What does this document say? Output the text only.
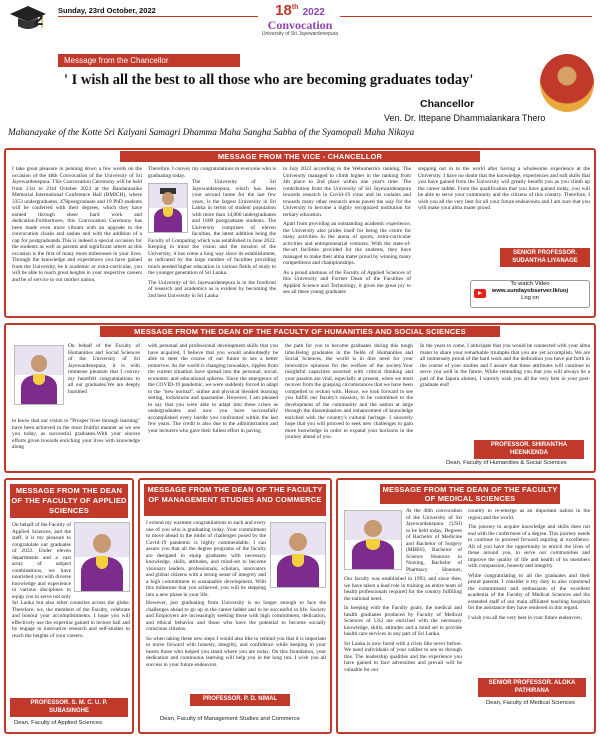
2 Sunday, 23rd October, 2022	18th 2022
Convocation
University of Sri Jayewardenepura
Message from the Chancellor
' I wish all the best to all those who are becoming graduates today'
Chancellor
Ven. Dr. Ittepane Dhammalankara Thero
Mahanayake of the Kotte Sri Kalyani Samagri Dhamma Maha Sangha Sabha of the Syamopali Maha Nikaya
MESSAGE FROM THE VICE - CHANCELLOR

I take great pleasure in penning down a few words on the occasion of the 48th Convocation of the University of Sri Jayewardenepura. This Convocation Ceremony will be held from 21st to 23rd October 2022 at the Bandaranaike Memorial International Conference Hall (BMICH), where 3353 undergraduates, 478postgraduate and 19 PhD students will be conferred with their degrees, which they have earned through sheer hard work and dedication.Furthermore, this Convocation Ceremony has been made even more vibrant with an upgrade to the convocation cloaks and sashes and with the addition of a cap for postgraduands.This is indeed a special occasion for the students as well as parents and significant others as this occasion is the first of many more milestones in your lives. Through the knowledge and experiences you have gained from the University, be it academic or extra-curricular, you will be able to reach great heights in your respective careers and be of service to our mother nation.

Therefore, I convey my congratulations to everyone who is graduating today.

The University of Sri Jayewardenepura, which has been your second home for the last few years, is the largest University in Sri Lanka in terms of student population with more than 14,000 undergraduates and 1600 postgraduate students. The University comprises of eleven faculties, the latest addition being the Faculty of Computing which was established in June 2022. Keeping in mind the vision and the mission of the University, it has come a long way since its establishment, as indicated by the large number of faculties providing much needed higher education in various fields of study to the younger generation of Sri Lanka.

The University of Sri Jayewardenepura is in the forefront of research and academics as is evident by becoming the 2nd best University in Sri Lanka

in July 2022 according to the Webometrics ranking. The University managed to climb higher in the ranking from 4th place to 2nd place within one year's time. The contribution from the University of Sri Jayewardenepura towards research in Covid-19 virus and its variants and towards many other research areas paved the way for the University to become a highly recognized institution for tertiary education.

Apart from providing an outstanding academic experience, the University also prides itself for being the centre for many activities in the arena of sports, extra-curricular activities and entrepreneurial ventures. With the state-of-the-art facilities provided for the students, they have managed to make their alma mater proud by winning many competitions and championships.

As a proud alumnus of the Faculty of Applied Sciences of this University and Former Dean of the Faculties of Applied Science and Technology, it gives me great joy to see all these young graduates

stepping out in to the world after having a wholesome experience at the University. I have no doubt that the knowledge, experiences and soft skills that you have gained from the University will greatly benefit you as you climb up the career ladder. From the qualification that you have gained today, you will be able to serve your community and the citizens of this country. Therefore, I wish you all the very best for all your future endeavours and I am sure that you will make your alma mater proud.

SENIOR PROFESSOR. SUDANTHA LIYANAGE
To watch Video
www.sundayobserver.lk/uoj
Log on
MESSAGE FROM THE DEAN OF THE FACULTY OF HUMANITIES AND SOCIAL SCIENCES

On behalf of the Faculty of Humanities and Social Sciences of the University of Sri Jayewardenepura, it is with immense pleasure that I convey my heartfelt congratulations to all our graduates.We are deeply humbled

to know that our vision to "Prosper lives through learning" have been achieved in the most fruitful manner as we see you today, as successful graduates.With your sincere efforts given towards enriching your lives with knowledge along

with personal and professional development skills that you have acquired, I believe that you would undoubtedly be able to steer the course of our future to see a better tomorrow. As the world is changing nowadays, ripples from the current situation have spread into the personal, social, economic and educational spheres. Since the emergence of the COVID-19 pandemic, we were suddenly forced to adapt to the "new normal", online and physical blended learning setting, lockdowns and quarantine. However, I am pleased to say that you were able to adapt into these crises as undergraduates and now you have successfully accomplished every hurdle you confronted within the last few years. The credit is also due to the administration and your lecturers who gave their fullest effort in paving

the path for you to become graduates during this tough time.Being graduates in the fields of Humanities and Social Sciences, the world is in dire need for your innovative opinions for the welfare of the society.Your insightful capacities assorted with critical thinking and your passion are vital, especially at present, when we must recover from the grasping circumstances that we have been compelled to reckon with. Hence, we look forward to see you fulfill our faculty's mission, to be committed to the development of the community and the nation at large through the dissemination and enhancement of knowledge enriched with the country's cultural heritage. I sincerely hope that you will proceed to seek new challenges to gain more knowledge in order to expand your horizons in the journey ahead of you.

In the years to come, I anticipate that you would be connected with your alma mater to share your remarkable triumphs that you are yet accomplish. We are all immensely proud of the hard work and the dedication you have put forth in the course of your studies and I assure that these attributes will continue to serve you well in the future. While reminding you that you will always be a part of the Japura alumni, I warmly wish you all the very best in your post-graduate end!

PROFESSOR. SHIRANTHA HEENKENDA
Dean, Faculty of Humanities & Social Sciences
MESSAGE FROM THE DEAN OF THE FACULTY OF APPLIED SCIENCES

On behalf of the Faculty of Applied Sciences, and the staff, it is my pleasure to congratulate our graduates of 2022. Under eleven departments and a vast array of subject combinations, we have nourished you with diverse knowledge and experience in various disciplines to equip you to serve not only Sri Lanka but also other countries across the globe. Therefore, we, the members of the Faculty, celebrate and honour your accomplishments. I hope you will effectively use the expertise gained in lecture hall and by engage in innovative research and self-studies to reach the heights of your careers.

PROFESSOR. S. M. C. U. P. SUBASINGHE
Dean, Faculty of Applied Sciences
MESSAGE FROM THE DEAN OF THE FACULTY OF MANAGEMENT STUDIES AND COMMERCE

I extend my warmest congratulations to each and every one of you who is graduating today. Your commitment to move ahead in the midst of challenges posed by the Covid-19 pandemic is highly commendable. I can assure you that all the degree programs of the faculty are designed to equip graduates with necessary knowledge, skills, attitudes, and mind-set to become visionary leaders, professionals, scholars, innovators and global citizens with a strong sense of integrity and a high commitment to sustainable development. With this milestone that you achieved, you will be stepping into a new phase in your life.

However, just graduating from University is no longer enough to face the challenges ahead to go up in the career ladder and to be successful in life. Society and Employers are increasingly seeking those with high commitment, dedication, and ethical behavior and those who have the potential to become socially conscious citizens.

So when taking these new steps I would also like to remind you that it is important to move forward with honesty, integrity, and confidence while keeping in your hearts those who helped you stand where you are today. On this foundation, your dedication and continuous learning will help you in the long run. I wish you all success in your future endeavors.

PROFESSOR. P. D. NIMAL
Dean, Faculty of Management Studies and Commerce
MESSAGE FROM THE DEAN OF THE FACULTY OF MEDICAL SCIENCES

At the 48th convocation of the University of Sri Jayewardenepura (USJ) to be held today, Degrees of Bachelor of Medicine and Bachelor of Surgery (MBBS), Bachelor of Science Honours in Nursing, Bachelor of Pharmacy Honours,

Our faculty was established in 1993, and since then, we have taken a lead role in training an entire team of health professionals required for the country fulfilling the national need.

In keeping with the Faculty goals, the medical and health graduates produced by Faculty of Medical Sciences of USJ are enriched with the necessary knowledge, skills, attitudes and a mind set to provide health care services in any part of Sri Lanka.

Sri Lanka is now faced with a crisis like never before. We need individuals of your caliber to see us through this. The leadership qualities and the experience you have gained to face adversities and prevail will be valuable for our

country to re-emerge as an important nation in the region and the world.

The journey to acquire knowledge and skills does not end with the conferment of a degree. This journey needs to continue to proceed forward aspiring at excellence. All of you have the opportunity to enrich the lives of those around you, to serve our communities and improve the quality of life and health of its members with compassion, honesty and integrity.

While congratulating to all the graduates and their proud parents, I consider it my duty to also commend the commitment and enthusiasm of the excellent academia of the Faculty of Medical Sciences and the extended staff of our main affiliated teaching hospitals for the assistance they have rendered in this regard.

I wish you all the very best in your future endeavors.

SENIOR PROFESSOR. ALOKA PATHIRANA
Dean, Faculty of Medical Sciences
